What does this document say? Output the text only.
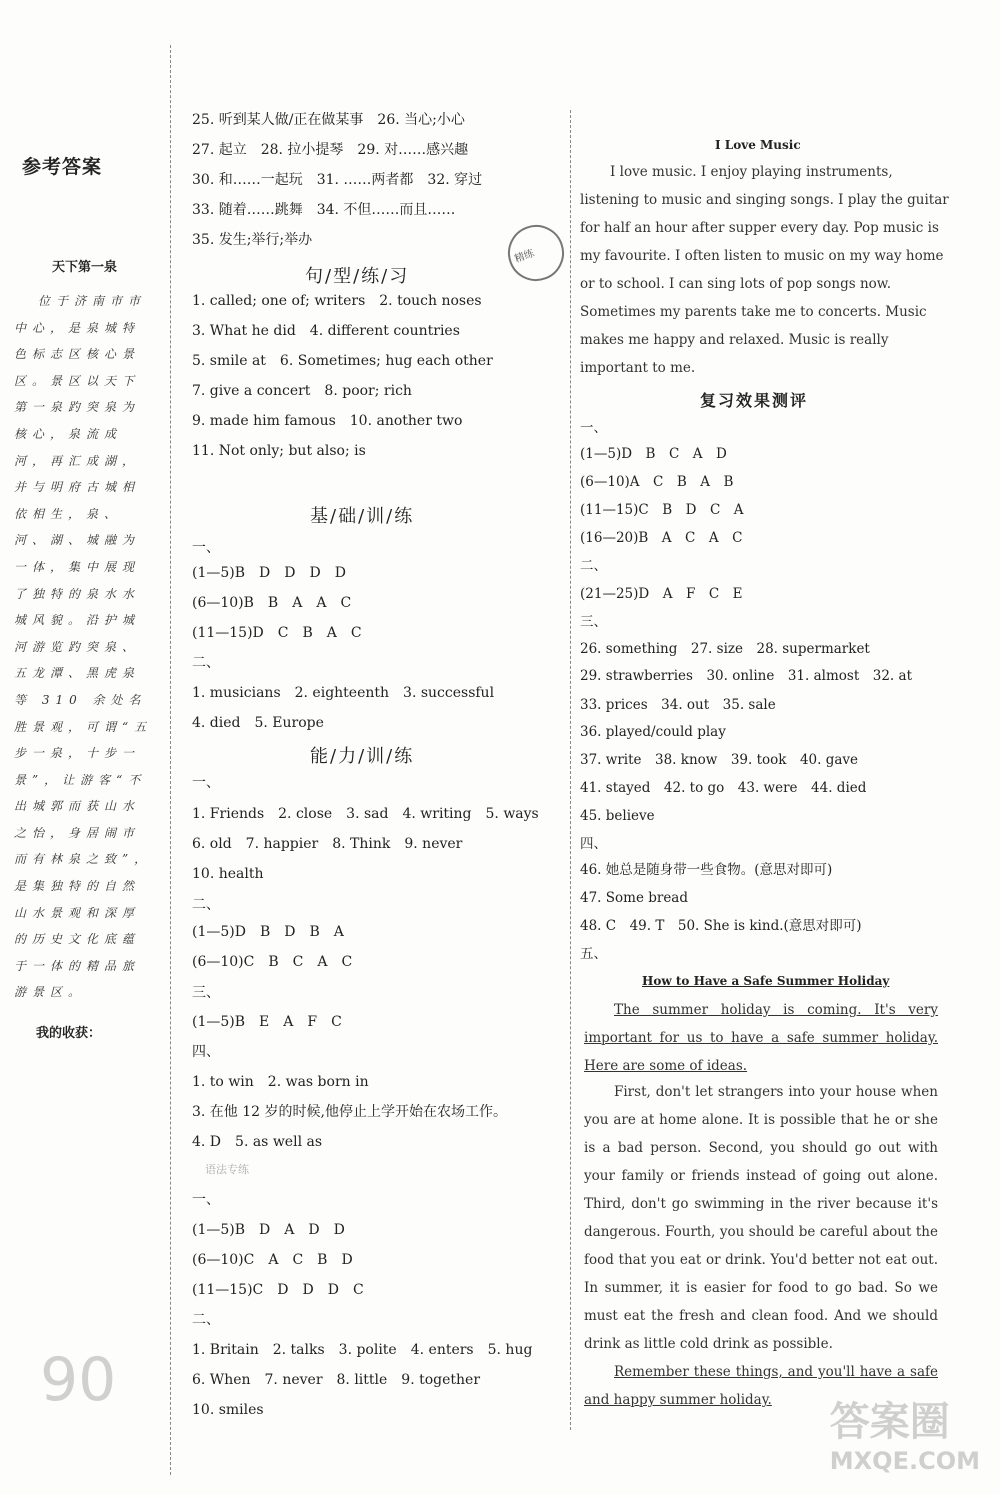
参考答案
天下第一泉
位于济南市市中心，是泉城特色标志区核心景区。景区以天下第一泉趵突泉为核心，泉流成河，再汇成湖，并与明府古城相依相生，泉、河、湖、城融为一体，集中展现了独特的泉水水城风貌。沿护城河游览趵突泉、五龙潭、黑虎泉等 310 余处名胜景观，可谓“五步一泉，十步一景”，让游客“不出城郭而获山水之怡，身居闹市而有林泉之致”，是集独特的自然山水景观和深厚的历史文化底蕴于一体的精品旅游景区。
我的收获：
25. 听到某人做/正在做某事　26. 当心;小心
27. 起立　28. 拉小提琴　29. 对……感兴趣
30. 和……一起玩　31. ……两者都　32. 穿过
33. 随着……跳舞　34. 不但……而且……
35. 发生;举行;举办
句/型/练/习
1. called; one of; writers　2. touch noses
3. What he did　4. different countries
5. smile at　6. Sometimes; hug each other
7. give a concert　8. poor; rich
9. made him famous　10. another two
11. Not only; but also; is
基/础/训/练
一、
(1—5)B　D　D　D　D
(6—10)B　B　A　A　C
(11—15)D　C　B　A　C
二、
1. musicians　2. eighteenth　3. successful
4. died　5. Europe
能/力/训/练
一、
1. Friends　2. close　3. sad　4. writing　5. ways
6. old　7. happier　8. Think　9. never
10. health
二、
(1—5)D　B　D　B　A
(6—10)C　B　C　A　C
三、
(1—5)B　E　A　F　C
四、
1. to win　2. was born in
3. 在他 12 岁的时候,他停止上学开始在农场工作。
4. D　5. as well as
语法专练
一、
(1—5)B　D　A　D　D
(6—10)C　A　C　B　D
(11—15)C　D　D　D　C
二、
1. Britain　2. talks　3. polite　4. enters　5. hug
6. When　7. never　8. little　9. together
10. smiles
I Love Music
I love music. I enjoy playing instruments,
listening to music and singing songs. I play the guitar
for half an hour after supper every day. Pop music is
my favourite. I often listen to music on my way home
or to school. I can sing lots of pop songs now.
Sometimes my parents take me to concerts. Music
makes me happy and relaxed. Music is really
important to me.
复习效果测评
一、
(1—5)D　B　C　A　D
(6—10)A　C　B　A　B
(11—15)C　B　D　C　A
(16—20)B　A　C　A　C
二、
(21—25)D　A　F　C　E
三、
26. something　27. size　28. supermarket
29. strawberries　30. online　31. almost　32. at
33. prices　34. out　35. sale
36. played/could play
37. write　38. know　39. took　40. gave
41. stayed　42. to go　43. were　44. died
45. believe
四、
46. 她总是随身带一些食物。(意思对即可)
47. Some bread
48. C　49. T　50. She is kind.(意思对即可)
五、
How to Have a Safe Summer Holiday
The summer holiday is coming. It's very important for us to have a safe summer holiday. Here are some of ideas.
First, don't let strangers into your house when you are at home alone. It is possible that he or she is a bad person. Second, you should go out with your family or friends instead of going out alone. Third, don't go swimming in the river because it's dangerous. Fourth, you should be careful about the food that you eat or drink. You'd better not eat out. In summer, it is easier for food to go bad. So we must eat the fresh and clean food. And we should drink as little cold drink as possible.
Remember these things, and you'll have a safe and happy summer holiday.
精练
90
答案圈
MXQE.COM
